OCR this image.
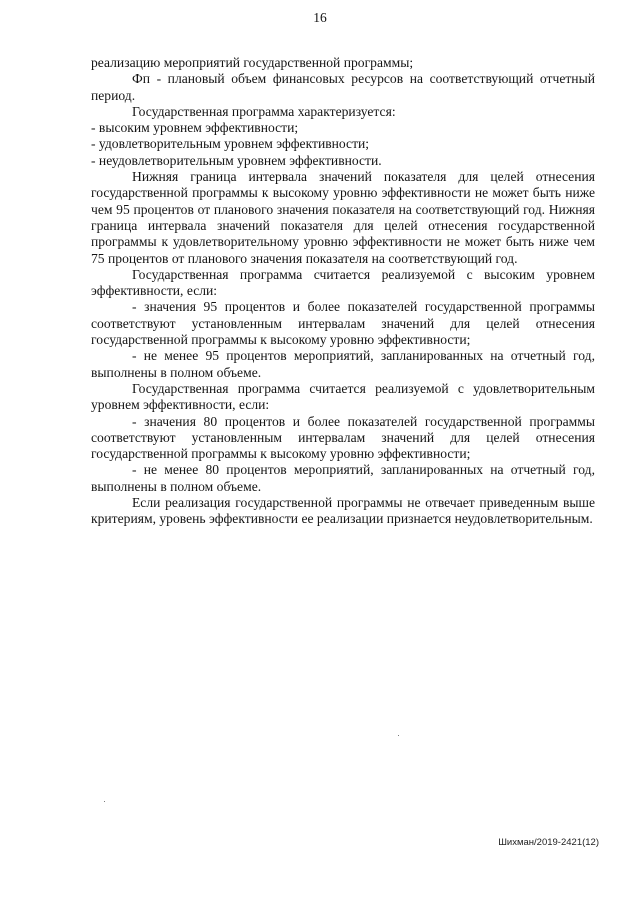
16

реализацию мероприятий государственной программы;

Фп - плановый объем финансовых ресурсов на соответствующий отчетный период.

Государственная программа характеризуется:

- высоким уровнем эффективности;

- удовлетворительным уровнем эффективности;

- неудовлетворительным уровнем эффективности.

Нижняя граница интервала значений показателя для целей отнесения государственной программы к высокому уровню эффективности не может быть ниже чем 95 процентов от планового значения показателя на соответствующий год. Нижняя граница интервала значений показателя для целей отнесения государственной программы к удовлетворительному уровню эффективности не может быть ниже чем 75 процентов от планового значения показателя на соответствующий год.

Государственная программа считается реализуемой с высоким уровнем эффективности, если:

- значения 95 процентов и более показателей государственной программы соответствуют установленным интервалам значений для целей отнесения государственной программы к высокому уровню эффективности;

- не менее 95 процентов мероприятий, запланированных на отчетный год, выполнены в полном объеме.

Государственная программа считается реализуемой с удовлетворительным уровнем эффективности, если:

- значения 80 процентов и более показателей государственной программы соответствуют установленным интервалам значений для целей отнесения государственной программы к высокому уровню эффективности;

- не менее 80 процентов мероприятий, запланированных на отчетный год, выполнены в полном объеме.

Если реализация государственной программы не отвечает приведенным выше критериям, уровень эффективности ее реализации признается неудовлетворительным.

Шихман/2019-2421(12)
